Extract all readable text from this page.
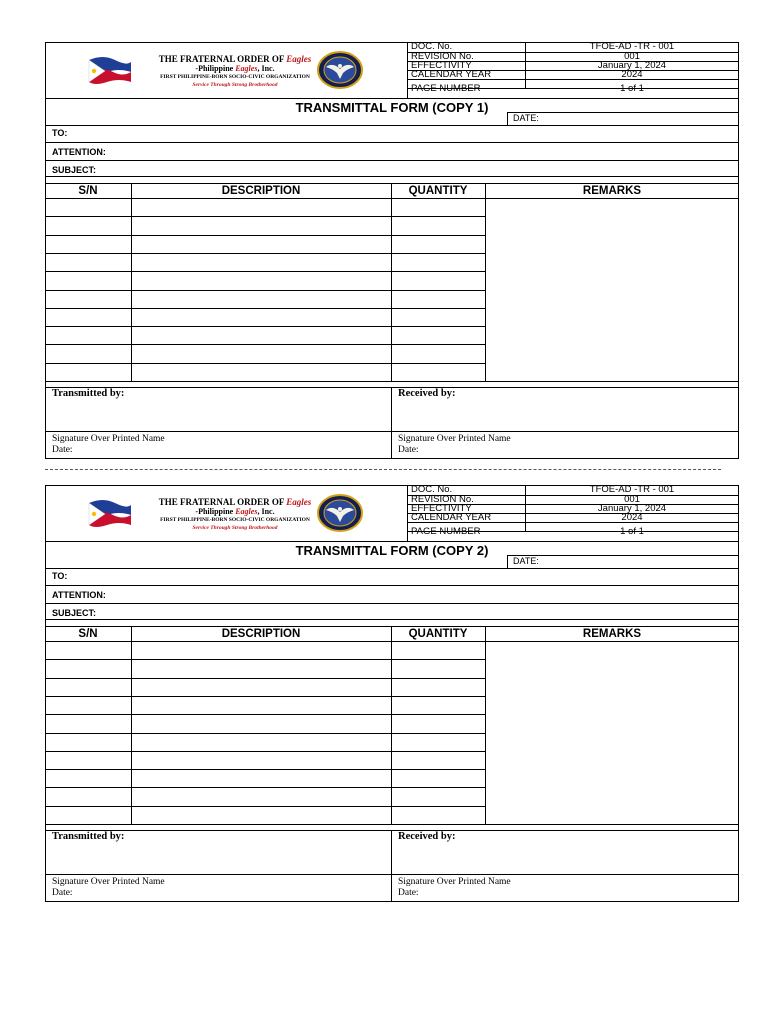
THE FRATERNAL ORDER OF Eagles
-Philippine Eagles, Inc.
FIRST PHILIPPINE-BORN SOCIO-CIVIC ORGANIZATION
Service Through Strong Brotherhood
DOC. No.	TFOE-AD -TR - 001
REVISION No.	001
EFFECTIVITY	January 1, 2024
CALENDAR YEAR	2024
PAGE NUMBER	1 of 1
TRANSMITTAL FORM (COPY 1)
DATE:
TO:
ATTENTION:
SUBJECT:
S/N	DESCRIPTION	QUANTITY	REMARKS
Transmitted by:	Received by:
Signature Over Printed Name
Date:
Signature Over Printed Name
Date:
THE FRATERNAL ORDER OF Eagles
-Philippine Eagles, Inc.
FIRST PHILIPPINE-BORN SOCIO-CIVIC ORGANIZATION
Service Through Strong Brotherhood
DOC. No.	TFOE-AD -TR - 001
REVISION No.	001
EFFECTIVITY	January 1, 2024
CALENDAR YEAR	2024
PAGE NUMBER	1 of 1
TRANSMITTAL FORM (COPY 2)
DATE:
TO:
ATTENTION:
SUBJECT:
S/N	DESCRIPTION	QUANTITY	REMARKS
Transmitted by:	Received by:
Signature Over Printed Name
Date:
Signature Over Printed Name
Date:
